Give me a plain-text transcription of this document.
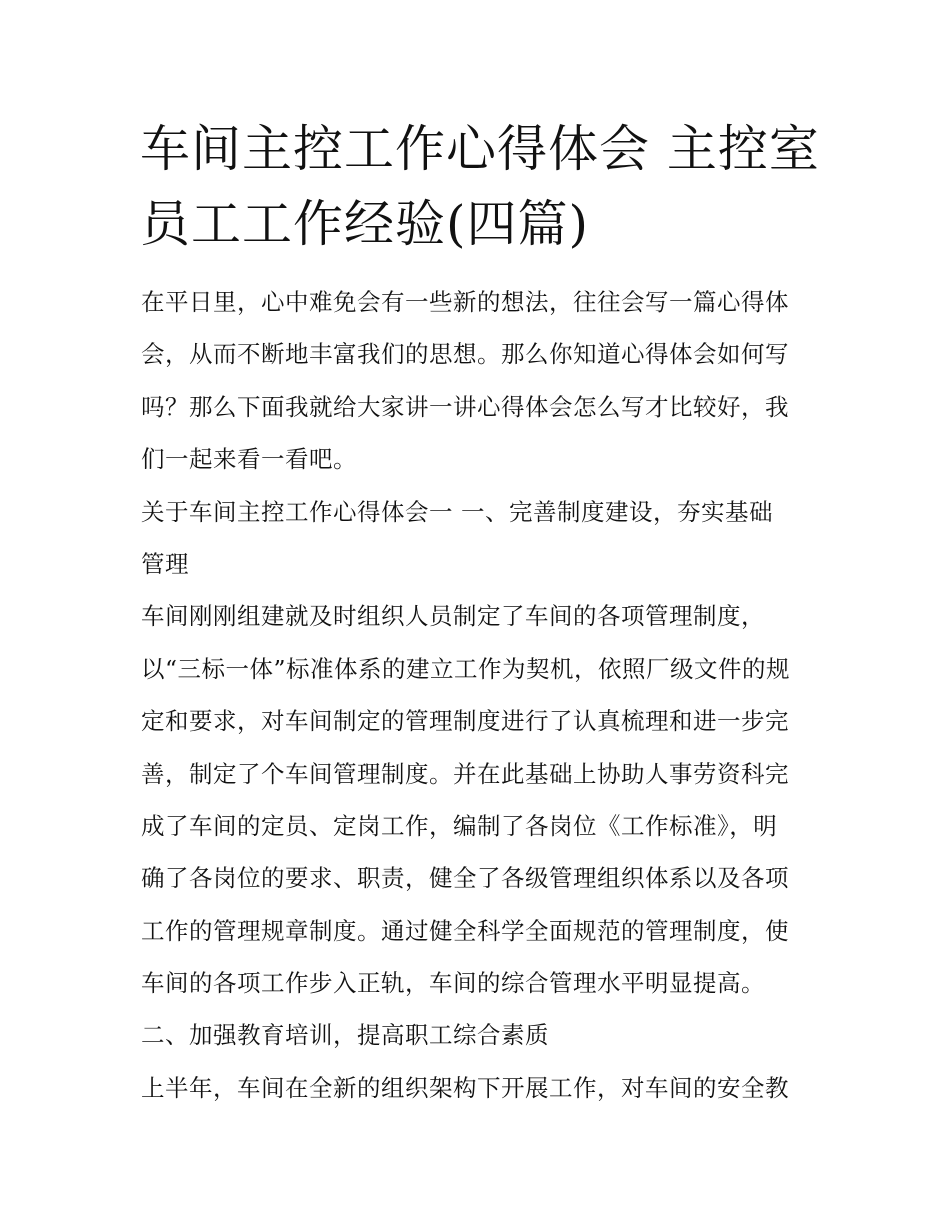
车间主控工作心得体会 主控室
员工工作经验(四篇)
在平日里，心中难免会有一些新的想法，往往会写一篇心得体
会，从而不断地丰富我们的思想。那么你知道心得体会如何写
吗？那么下面我就给大家讲一讲心得体会怎么写才比较好，我
们一起来看一看吧。
关于车间主控工作心得体会一 一、完善制度建设，夯实基础
管理
车间刚刚组建就及时组织人员制定了车间的各项管理制度，
以“三标一体”标准体系的建立工作为契机，依照厂级文件的规
定和要求，对车间制定的管理制度进行了认真梳理和进一步完
善，制定了个车间管理制度。并在此基础上协助人事劳资科完
成了车间的定员、定岗工作，编制了各岗位《工作标准》，明
确了各岗位的要求、职责，健全了各级管理组织体系以及各项
工作的管理规章制度。通过健全科学全面规范的管理制度，使
车间的各项工作步入正轨，车间的综合管理水平明显提高。
二、加强教育培训，提高职工综合素质
上半年，车间在全新的组织架构下开展工作，对车间的安全教
